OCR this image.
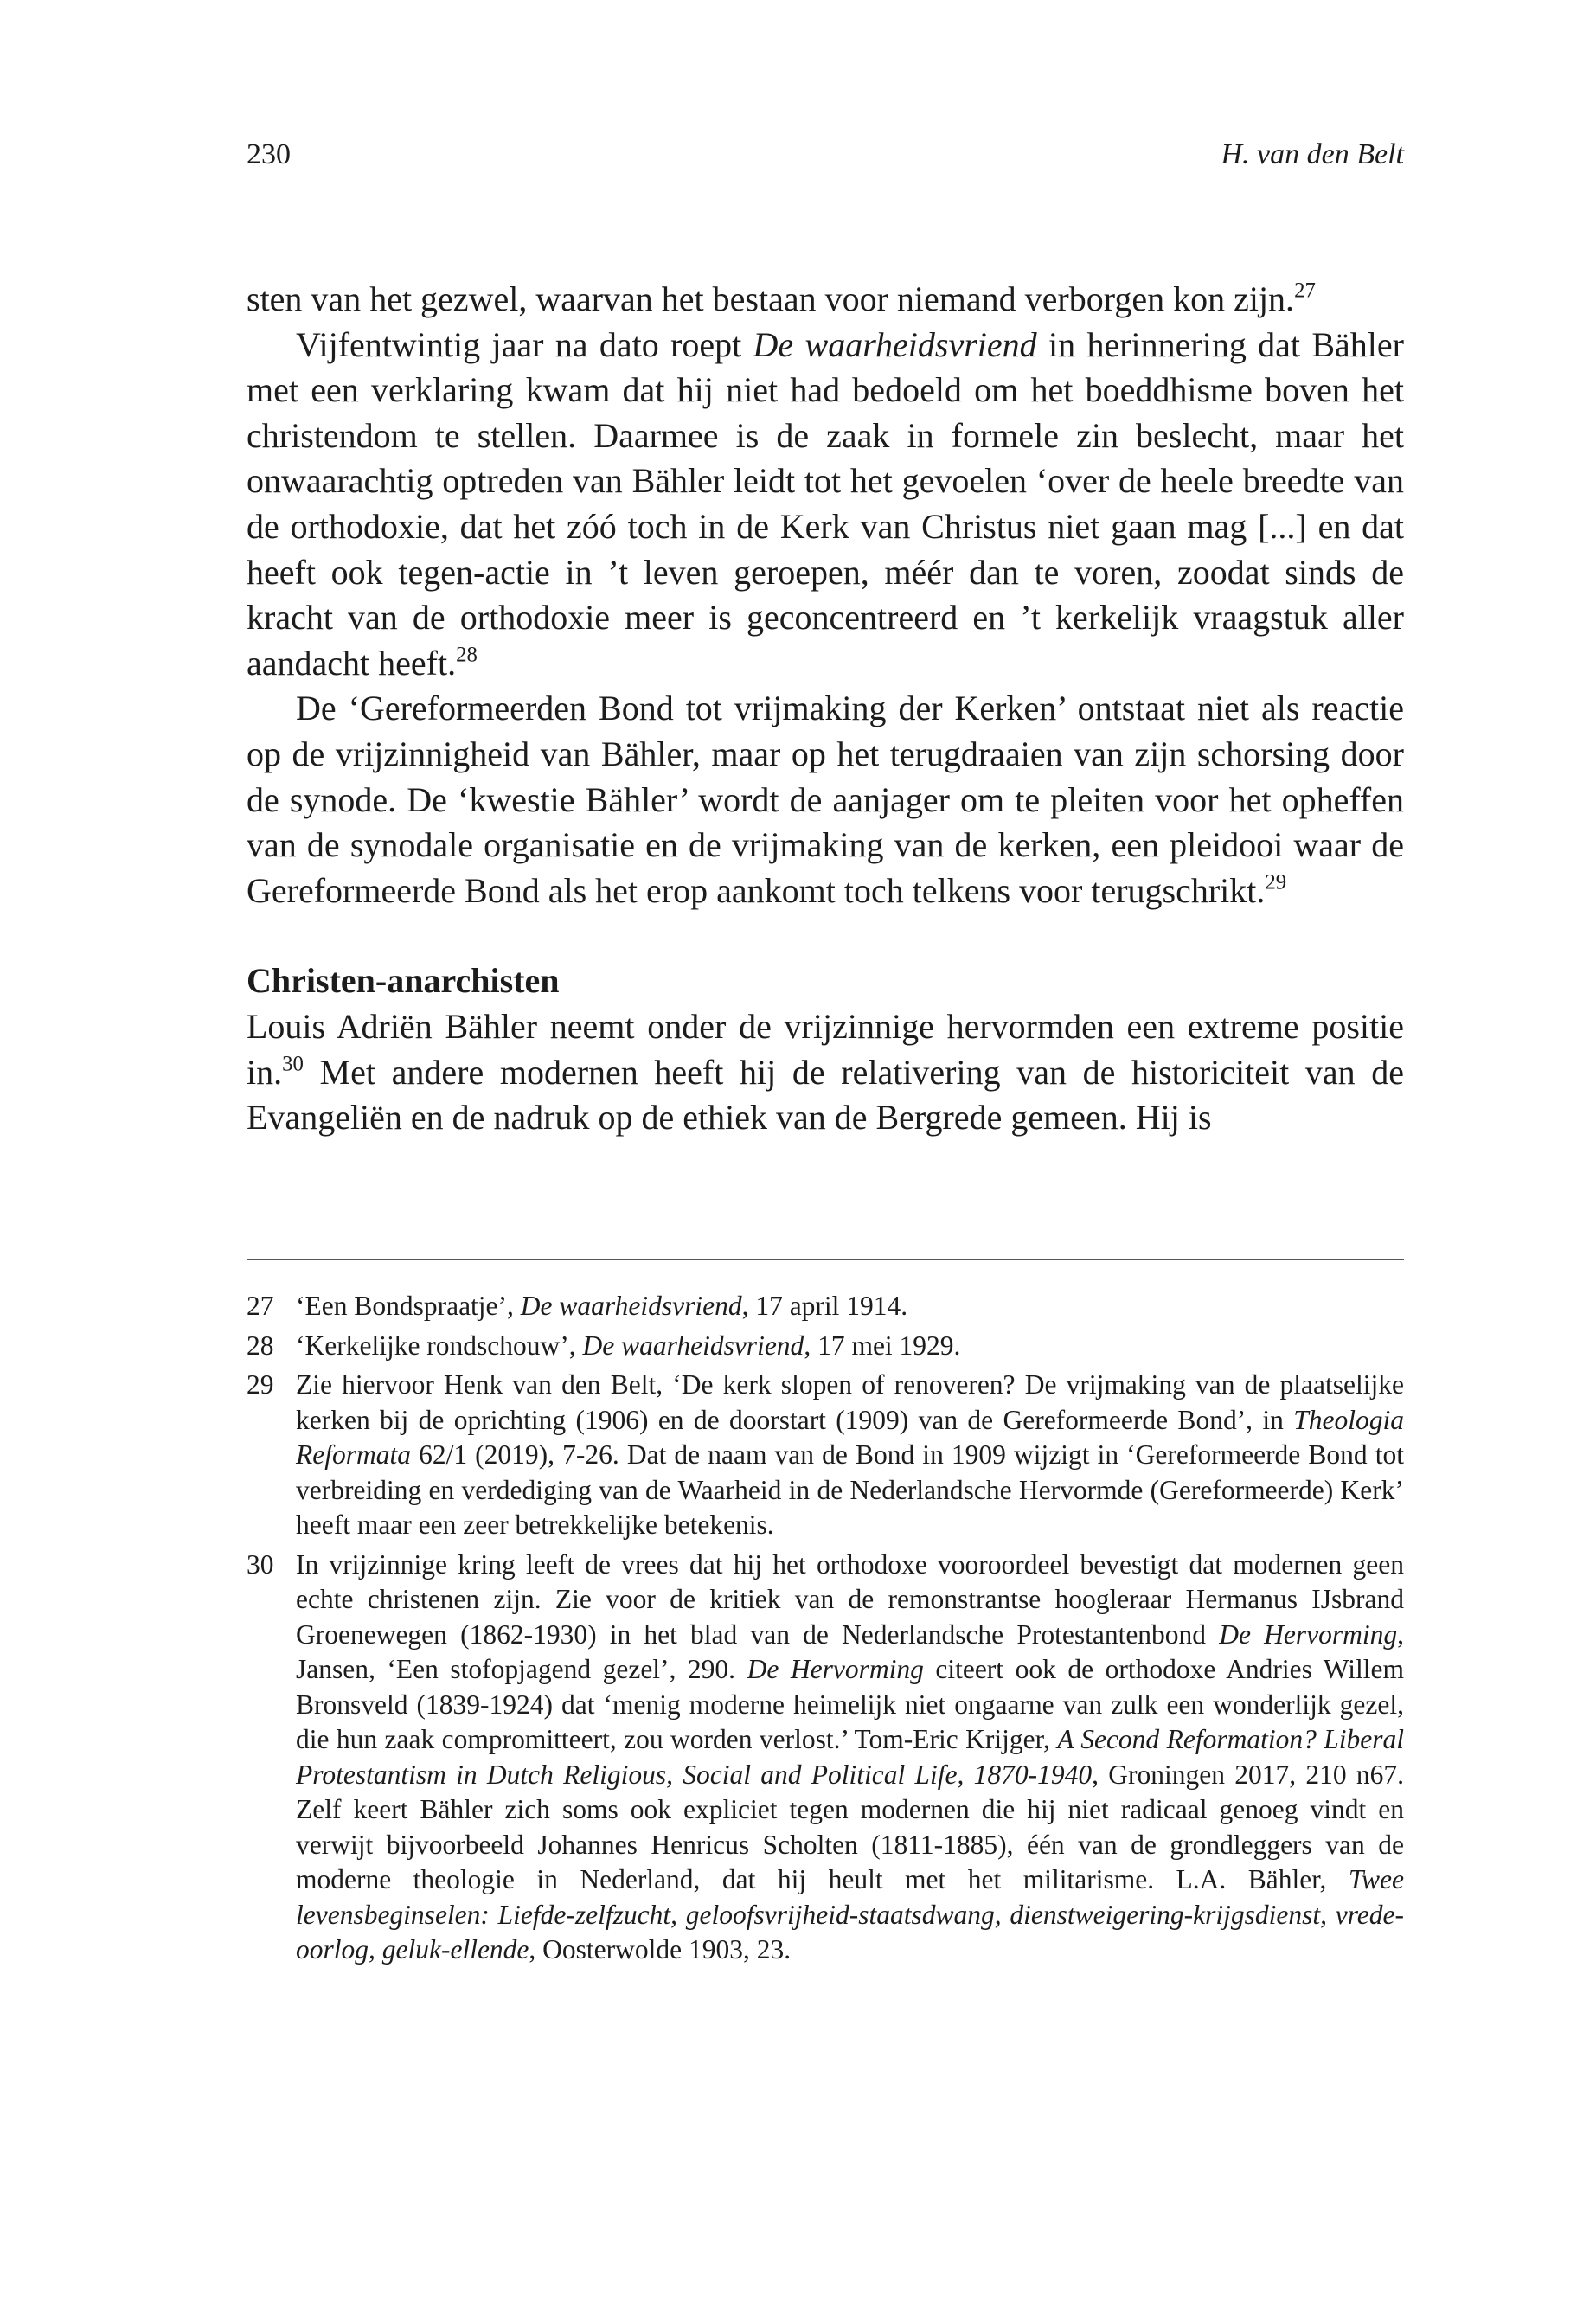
230	H. van den Belt

sten van het gezwel, waarvan het bestaan voor niemand verborgen kon zijn.$^{27}$

Vijfentwintig jaar na dato roept De waarheidsvriend in herinnering dat Bähler met een verklaring kwam dat hij niet had bedoeld om het boeddhisme boven het christendom te stellen. Daarmee is de zaak in formele zin beslecht, maar het onwaarachtig optreden van Bähler leidt tot het gevoelen ‘over de heele breedte van de orthodoxie, dat het zóó toch in de Kerk van Christus niet gaan mag [...] en dat heeft ook tegen-actie in ’t leven geroepen, méér dan te voren, zoodat sinds de kracht van de orthodoxie meer is geconcentreerd en ’t kerkelijk vraagstuk aller aandacht heeft.$^{28}$

De ‘Gereformeerden Bond tot vrijmaking der Kerken’ ontstaat niet als reactie op de vrijzinnigheid van Bähler, maar op het terugdraaien van zijn schorsing door de synode. De ‘kwestie Bähler’ wordt de aanjager om te pleiten voor het opheffen van de synodale organisatie en de vrijmaking van de kerken, een pleidooi waar de Gereformeerde Bond als het erop aankomt toch telkens voor terugschrikt.$^{29}$

Christen-anarchisten

Louis Adriën Bähler neemt onder de vrijzinnige hervormden een extreme positie in.$^{30}$ Met andere modernen heeft hij de relativering van de historiciteit van de Evangeliën en de nadruk op de ethiek van de Bergrede gemeen. Hij is

27 ‘Een Bondspraatje’, De waarheidsvriend, 17 april 1914.
28 ‘Kerkelijke rondschouw’, De waarheidsvriend, 17 mei 1929.
29 Zie hiervoor Henk van den Belt, ‘De kerk slopen of renoveren? De vrijmaking van de plaatselijke kerken bij de oprichting (1906) en de doorstart (1909) van de Gereformeerde Bond’, in Theologia Reformata 62/1 (2019), 7-26. Dat de naam van de Bond in 1909 wijzigt in ‘Gereformeerde Bond tot verbreiding en verdediging van de Waarheid in de Nederlandsche Hervormde (Gereformeerde) Kerk’ heeft maar een zeer betrekkelijke betekenis.
30 In vrijzinnige kring leeft de vrees dat hij het orthodoxe vooroordeel bevestigt dat modernen geen echte christenen zijn. Zie voor de kritiek van de remonstrantse hoogleraar Hermanus IJsbrand Groenewegen (1862-1930) in het blad van de Nederlandsche Protestantenbond De Hervorming, Jansen, ‘Een stofopjagend gezel’, 290. De Hervorming citeert ook de orthodoxe Andries Willem Bronsveld (1839-1924) dat ‘menig moderne heimelijk niet ongaarne van zulk een wonderlijk gezel, die hun zaak compromitteert, zou worden verlost.’ Tom-Eric Krijger, A Second Reformation? Liberal Protestantism in Dutch Religious, Social and Political Life, 1870-1940, Groningen 2017, 210 n67. Zelf keert Bähler zich soms ook expliciet tegen modernen die hij niet radicaal genoeg vindt en verwijt bijvoorbeeld Johannes Henricus Scholten (1811-1885), één van de grondleggers van de moderne theologie in Nederland, dat hij heult met het militarisme. L.A. Bähler, Twee levensbeginselen: Liefde-zelfzucht, geloofsvrijheid-staatsdwang, dienstweigering-krijgsdienst, vrede-oorlog, geluk-ellende, Oosterwolde 1903, 23.
